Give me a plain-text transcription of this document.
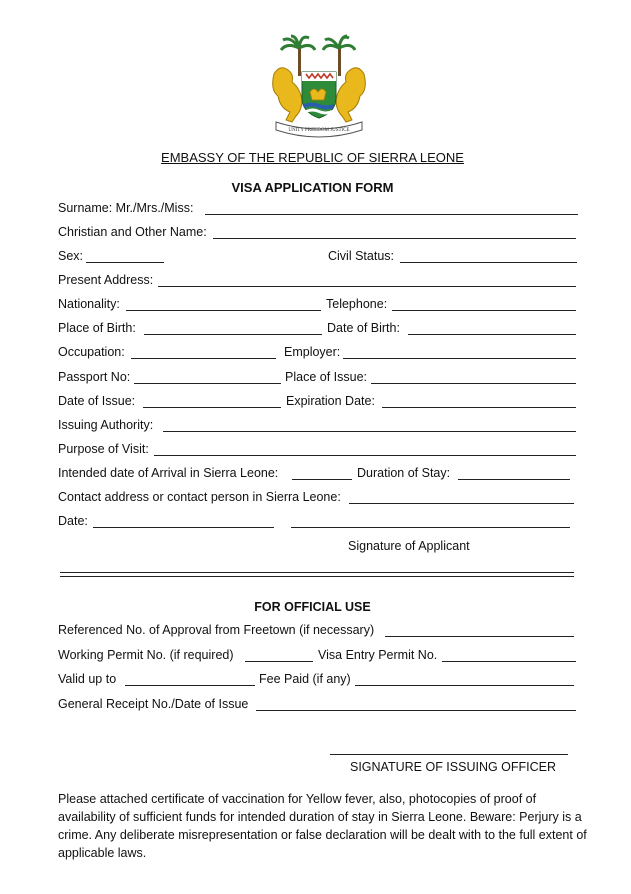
UNITY FREEDOM JUSTICE
EMBASSY OF THE REPUBLIC OF SIERRA LEONE
VISA APPLICATION FORM
Surname: Mr./Mrs./Miss:
Christian and Other Name:
Sex:	Civil Status:
Present Address:
Nationality:	Telephone:
Place of Birth:	Date of Birth:
Occupation:	Employer:
Passport No:	Place of Issue:
Date of Issue:	Expiration Date:
Issuing Authority:
Purpose of Visit:
Intended date of Arrival in Sierra Leone:	Duration of Stay:
Contact address or contact person in Sierra Leone:
Date:
Signature of Applicant
FOR OFFICIAL USE
Referenced No. of Approval from Freetown (if necessary)
Working Permit No. (if required)	Visa Entry Permit No.
Valid up to	Fee Paid (if any)
General Receipt No./Date of Issue
SIGNATURE OF ISSUING OFFICER
Please attached certificate of vaccination for Yellow fever, also, photocopies of proof of availability of sufficient funds for intended duration of stay in Sierra Leone. Beware: Perjury is a crime. Any deliberate misrepresentation or false declaration will be dealt with to the full extent of applicable laws.
